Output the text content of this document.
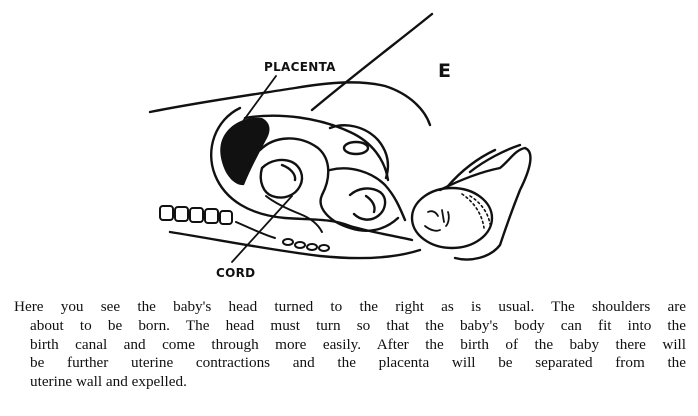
PLACENTA
CORD
E
Here you see the baby's head turned to the right as is usual. The shoulders are
about to be born. The head must turn so that the baby's body can fit into the
birth canal and come through more easily. After the birth of the baby there will
be further uterine contractions and the placenta will be separated from the
uterine wall and expelled.
